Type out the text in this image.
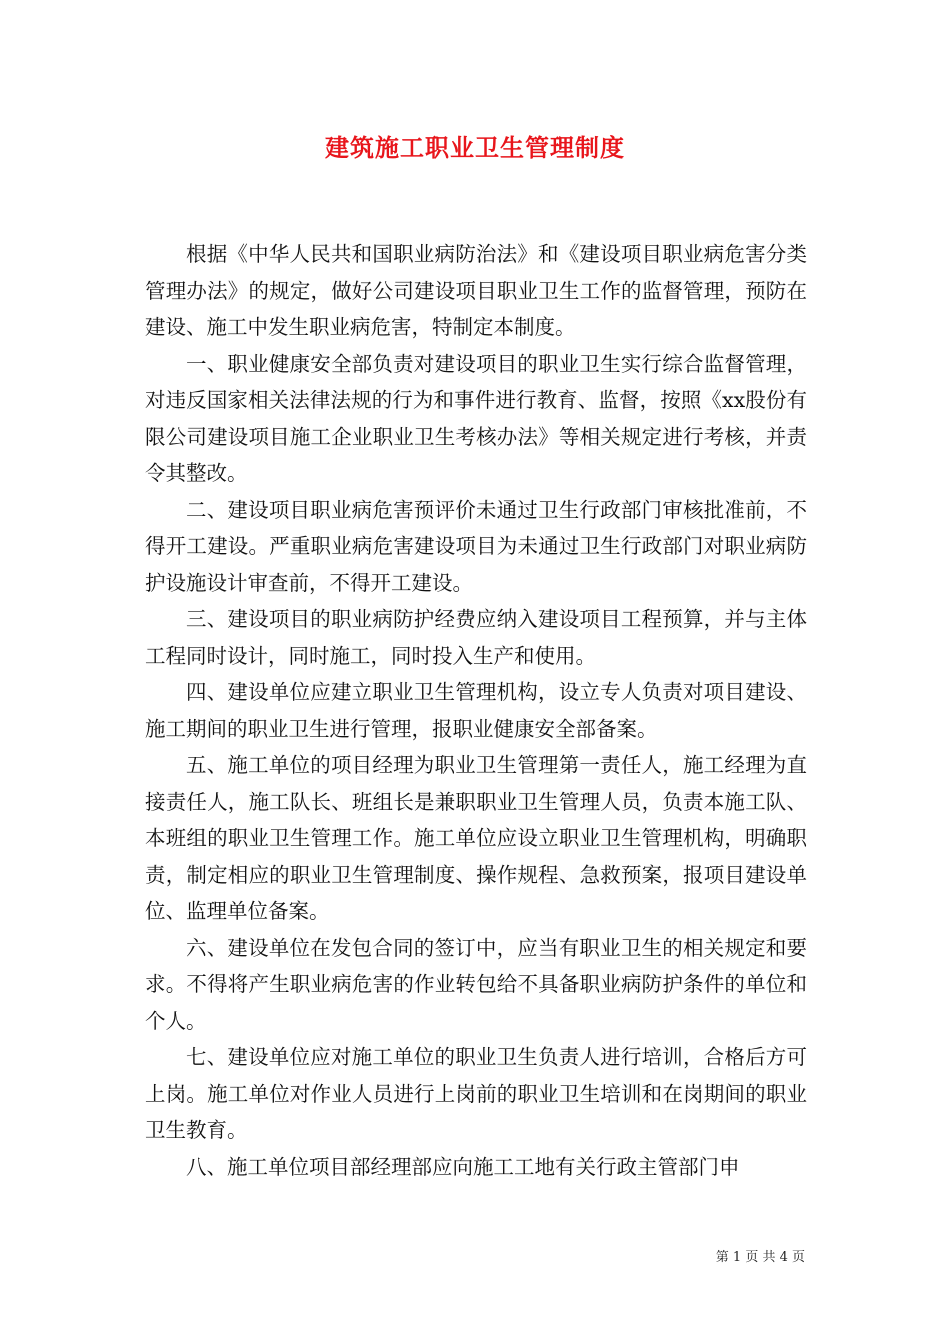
建筑施工职业卫生管理制度

根据《中华人民共和国职业病防治法》和《建设项目职业病危害分类管理办法》的规定，做好公司建设项目职业卫生工作的监督管理，预防在建设、施工中发生职业病危害，特制定本制度。

一、职业健康安全部负责对建设项目的职业卫生实行综合监督管理，对违反国家相关法律法规的行为和事件进行教育、监督，按照《xx股份有限公司建设项目施工企业职业卫生考核办法》等相关规定进行考核，并责令其整改。

二、建设项目职业病危害预评价未通过卫生行政部门审核批准前，不得开工建设。严重职业病危害建设项目为未通过卫生行政部门对职业病防护设施设计审查前，不得开工建设。

三、建设项目的职业病防护经费应纳入建设项目工程预算，并与主体工程同时设计，同时施工，同时投入生产和使用。

四、建设单位应建立职业卫生管理机构，设立专人负责对项目建设、施工期间的职业卫生进行管理，报职业健康安全部备案。

五、施工单位的项目经理为职业卫生管理第一责任人，施工经理为直接责任人，施工队长、班组长是兼职职业卫生管理人员，负责本施工队、本班组的职业卫生管理工作。施工单位应设立职业卫生管理机构，明确职责，制定相应的职业卫生管理制度、操作规程、急救预案，报项目建设单位、监理单位备案。

六、建设单位在发包合同的签订中，应当有职业卫生的相关规定和要求。不得将产生职业病危害的作业转包给不具备职业病防护条件的单位和个人。

七、建设单位应对施工单位的职业卫生负责人进行培训，合格后方可上岗。施工单位对作业人员进行上岗前的职业卫生培训和在岗期间的职业卫生教育。

八、施工单位项目部经理部应向施工工地有关行政主管部门申

第 1 页 共 4 页
